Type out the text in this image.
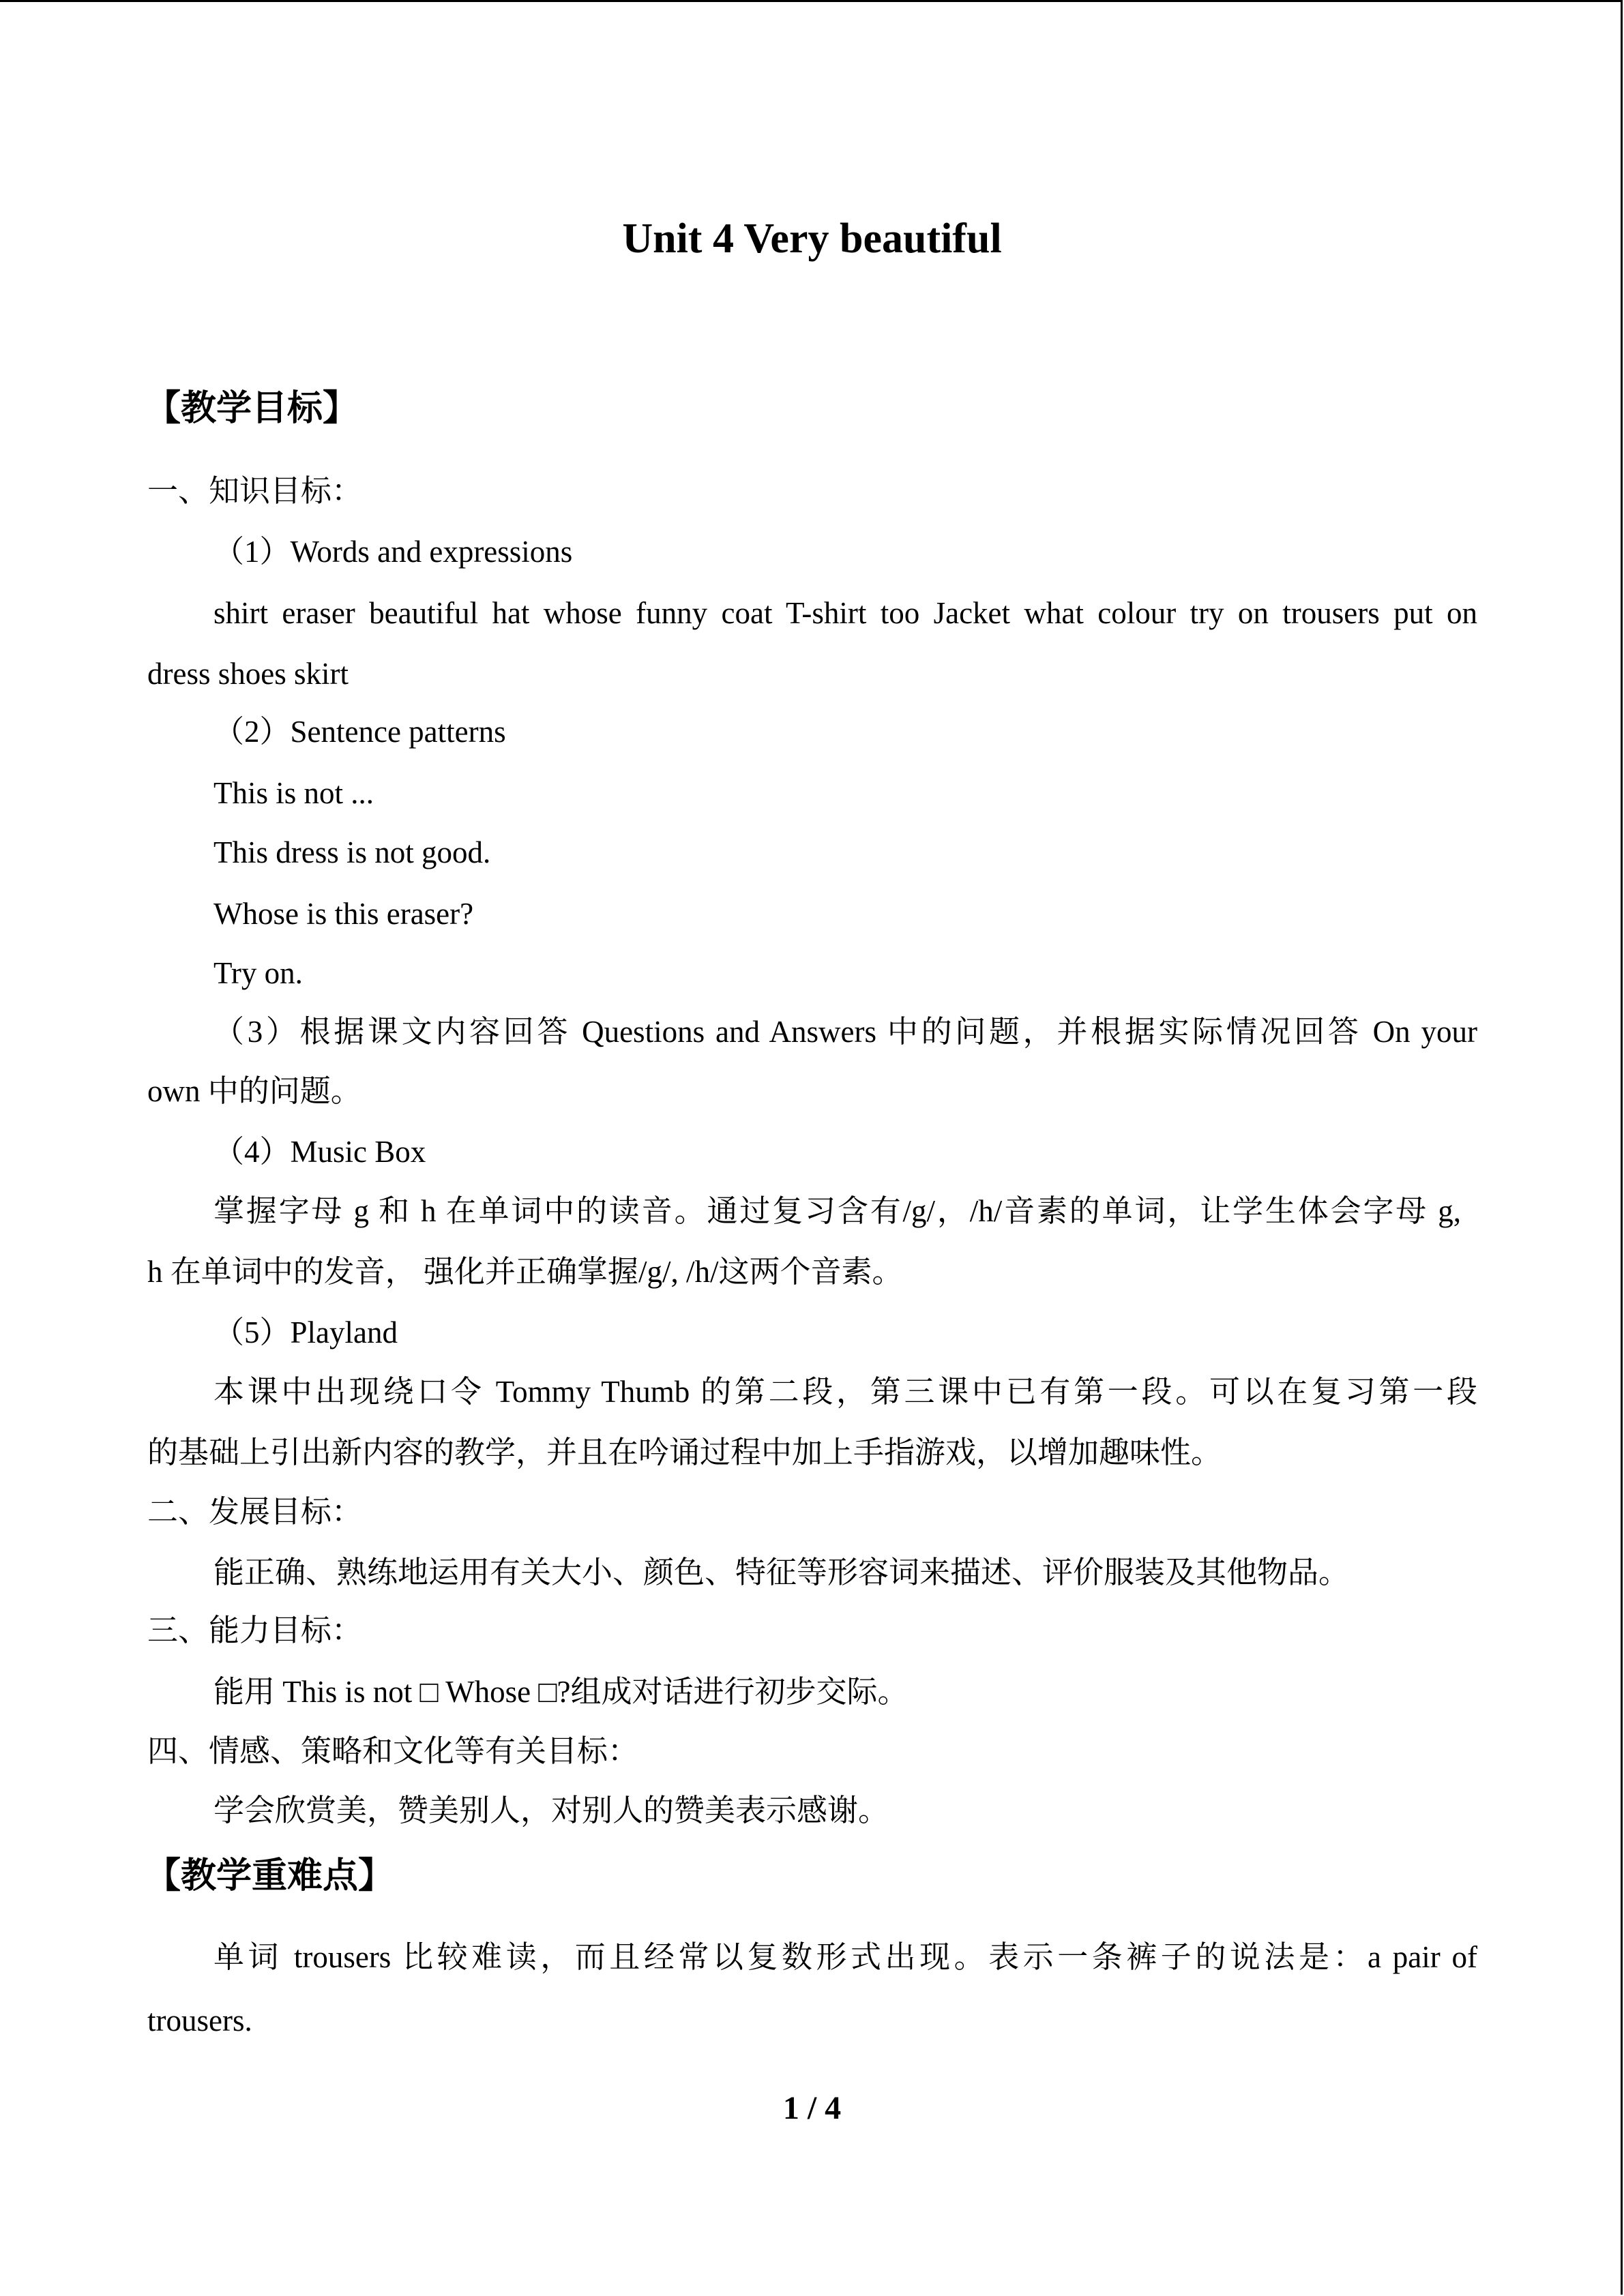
Unit 4 Very beautiful
【教学目标】
一、知识目标：
（1）Words and expressions
shirt eraser beautiful hat whose funny coat T-shirt too Jacket what colour try on trousers put on
dress shoes skirt
（2）Sentence patterns
This is not ...
This dress is not good.
Whose is this eraser?
Try on.
（3）根据课文内容回答 Questions and Answers 中的问题，并根据实际情况回答 On your
own 中的问题。
（4）Music Box
掌握字母 g 和 h 在单词中的读音。通过复习含有/g/，/h/音素的单词，让学生体会字母 g,
h 在单词中的发音， 强化并正确掌握/g/, /h/这两个音素。
（5）Playland
本课中出现绕口令 Tommy Thumb 的第二段，第三课中已有第一段。可以在复习第一段
的基础上引出新内容的教学，并且在吟诵过程中加上手指游戏，以增加趣味性。
二、发展目标：
能正确、熟练地运用有关大小、颜色、特征等形容词来描述、评价服装及其他物品。
三、能力目标：
能用 This is not □ Whose □?组成对话进行初步交际。
四、情感、策略和文化等有关目标：
学会欣赏美，赞美别人，对别人的赞美表示感谢。
【教学重难点】
单词 trousers 比较难读，而且经常以复数形式出现。表示一条裤子的说法是：a pair of
trousers.
1 / 4
